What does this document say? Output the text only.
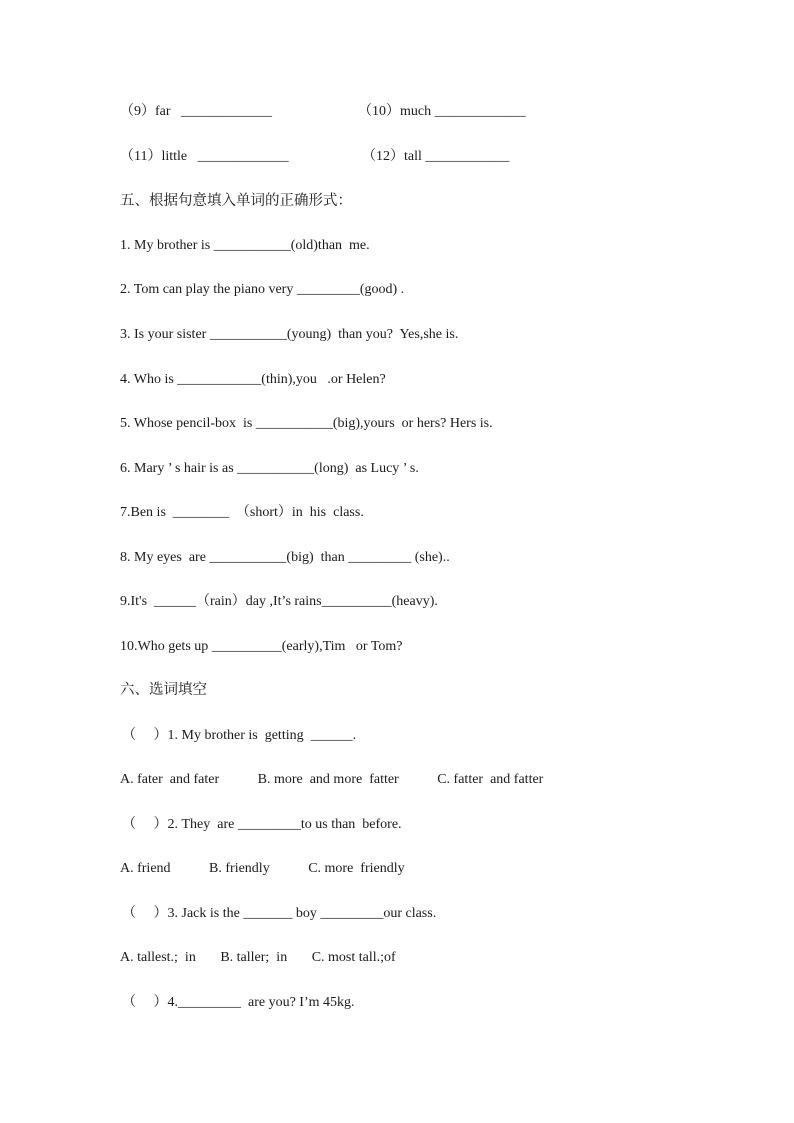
（9）far   _____________	（10）much _____________
（11）little   _____________	（12）tall ____________
五、根据句意填入单词的正确形式：
1. My brother is ___________(old)than  me.
2. Tom can play the piano very _________(good) .
3. Is your sister ___________(young)  than you?  Yes,she is.
4. Who is ____________(thin),you   .or Helen?
5. Whose pencil-box  is ___________(big),yours  or hers? Hers is.
6. Mary ’ s hair is as ___________(long)  as Lucy ’ s.
7.Ben is  ________  （short）in  his  class.
8. My eyes  are ___________(big)  than _________ (she)..
9.It's  ______（rain）day ,It’s rains__________(heavy).
10.Who gets up __________(early),Tim   or Tom?
六、选词填空
（     ）1. My brother is  getting  ______.
A. fater  and fater           B. more  and more  fatter           C. fatter  and fatter
（     ）2. They  are _________to us than  before.
A. friend           B. friendly           C. more  friendly
（     ）3. Jack is the _______ boy _________our class.
A. tallest.;  in       B. taller;  in       C. most tall.;of
（     ）4._________  are you? I’m 45kg.
